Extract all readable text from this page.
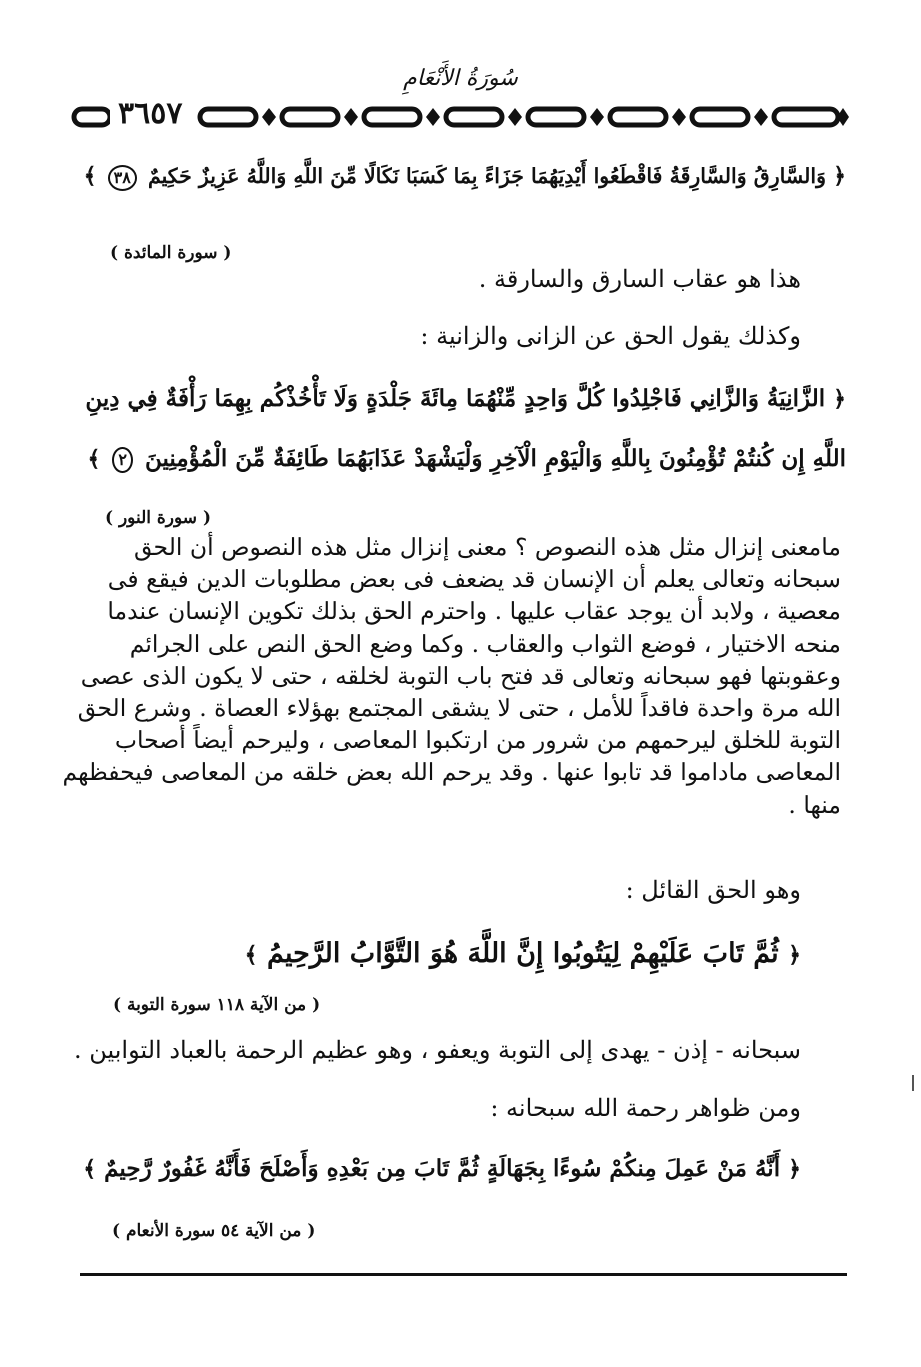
سُورَةُ الأَنْعَامِ
٣٦٥٧
﴿ وَالسَّارِقُ وَالسَّارِقَةُ فَاقْطَعُوا أَيْدِيَهُمَا جَزَاءً بِمَا كَسَبَا نَكَالًا مِّنَ اللَّهِ وَاللَّهُ عَزِيزٌ حَكِيمٌ ٣٨ ﴾
( سورة المائدة )
هذا هو عقاب السارق والسارقة .
وكذلك يقول الحق عن الزانى والزانية :
﴿ الزَّانِيَةُ وَالزَّانِي فَاجْلِدُوا كُلَّ وَاحِدٍ مِّنْهُمَا مِائَةَ جَلْدَةٍ وَلَا تَأْخُذْكُم بِهِمَا رَأْفَةٌ فِي دِينِ
اللَّهِ إِن كُنتُمْ تُؤْمِنُونَ بِاللَّهِ وَالْيَوْمِ الْآخِرِ وَلْيَشْهَدْ عَذَابَهُمَا طَائِفَةٌ مِّنَ الْمُؤْمِنِينَ ٢ ﴾
( سورة النور )
مامعنى إنزال مثل هذه النصوص ؟ معنى إنزال مثل هذه النصوص أن الحق
سبحانه وتعالى يعلم أن الإنسان قد يضعف فى بعض مطلوبات الدين فيقع فى
معصية ، ولابد أن يوجد عقاب عليها . واحترم الحق بذلك تكوين الإنسان عندما
منحه الاختيار ، فوضع الثواب والعقاب . وكما وضع الحق النص على الجرائم
وعقوبتها فهو سبحانه وتعالى قد فتح باب التوبة لخلقه ، حتى لا يكون الذى عصى
الله مرة واحدة فاقداً للأمل ، حتى لا يشقى المجتمع بهؤلاء العصاة . وشرع الحق
التوبة للخلق ليرحمهم من شرور من ارتكبوا المعاصى ، وليرحم أيضاً أصحاب
المعاصى ماداموا قد تابوا عنها . وقد يرحم الله بعض خلقه من المعاصى فيحفظهم
منها .
وهو الحق القائل :
﴿ ثُمَّ تَابَ عَلَيْهِمْ لِيَتُوبُوا إِنَّ اللَّهَ هُوَ التَّوَّابُ الرَّحِيمُ ﴾
( من الآية ١١٨ سورة التوبة )
سبحانه - إذن - يهدى إلى التوبة ويعفو ، وهو عظيم الرحمة بالعباد التوابين .
ومن ظواهر رحمة الله سبحانه :
﴿ أَنَّهُ مَنْ عَمِلَ مِنكُمْ سُوءًا بِجَهَالَةٍ ثُمَّ تَابَ مِن بَعْدِهِ وَأَصْلَحَ فَأَنَّهُ غَفُورٌ رَّحِيمٌ ﴾
( من الآية ٥٤ سورة الأنعام )
